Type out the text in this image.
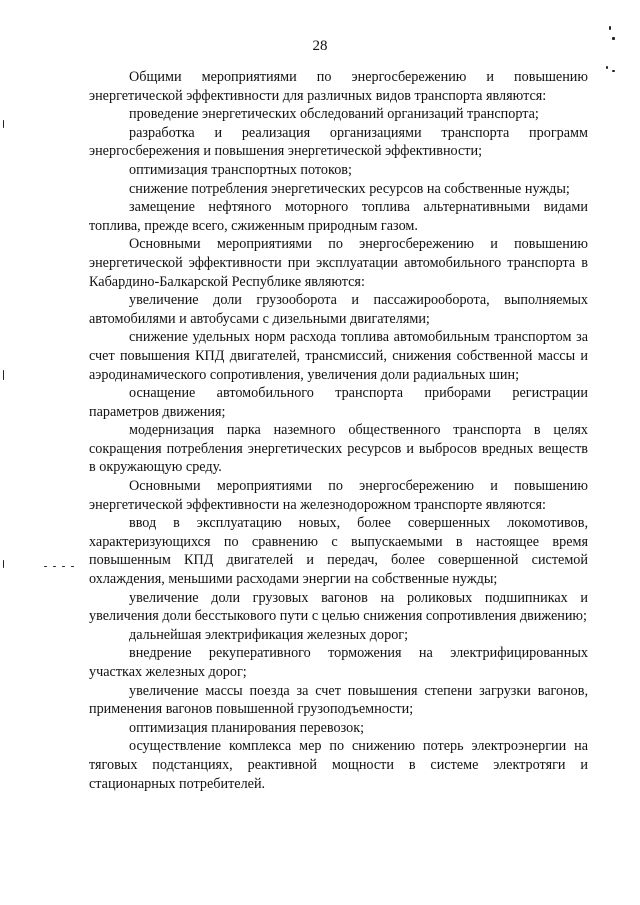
28

Общими мероприятиями по энергосбережению и повышению энергетической эффективности для различных видов транспорта являются:

проведение энергетических обследований организаций транспорта;

разработка и реализация организациями транспорта программ энергосбережения и повышения энергетической эффективности;

оптимизация транспортных потоков;

снижение потребления энергетических ресурсов на собственные нужды;

замещение нефтяного моторного топлива альтернативными видами топлива, прежде всего, сжиженным природным газом.

Основными мероприятиями по энергосбережению и повышению энергетической эффективности при эксплуатации автомобильного транспорта в Кабардино-Балкарской Республике являются:

увеличение доли грузооборота и пассажирооборота, выполняемых автомобилями и автобусами с дизельными двигателями;

снижение удельных норм расхода топлива автомобильным транспортом за счет повышения КПД двигателей, трансмиссий, снижения собственной массы и аэродинамического сопротивления, увеличения доли радиальных шин;

оснащение автомобильного транспорта приборами регистрации параметров движения;

модернизация парка наземного общественного транспорта в целях сокращения потребления энергетических ресурсов и выбросов вредных веществ в окружающую среду.

Основными мероприятиями по энергосбережению и повышению энергетической эффективности на железнодорожном транспорте являются:

ввод в эксплуатацию новых, более совершенных локомотивов, характеризующихся по сравнению с выпускаемыми в настоящее время повышенным КПД двигателей и передач, более совершенной системой охлаждения, меньшими расходами энергии на собственные нужды;

увеличение доли грузовых вагонов на роликовых подшипниках и увеличения доли бесстыкового пути с целью снижения сопротивления движению;

дальнейшая электрификация железных дорог;

внедрение рекуперативного торможения на электрифицированных участках железных дорог;

увеличение массы поезда за счет повышения степени загрузки вагонов, применения вагонов повышенной грузоподъемности;

оптимизация планирования перевозок;

осуществление комплекса мер по снижению потерь электроэнергии на тяговых подстанциях, реактивной мощности в системе электротяги и стационарных потребителей.
